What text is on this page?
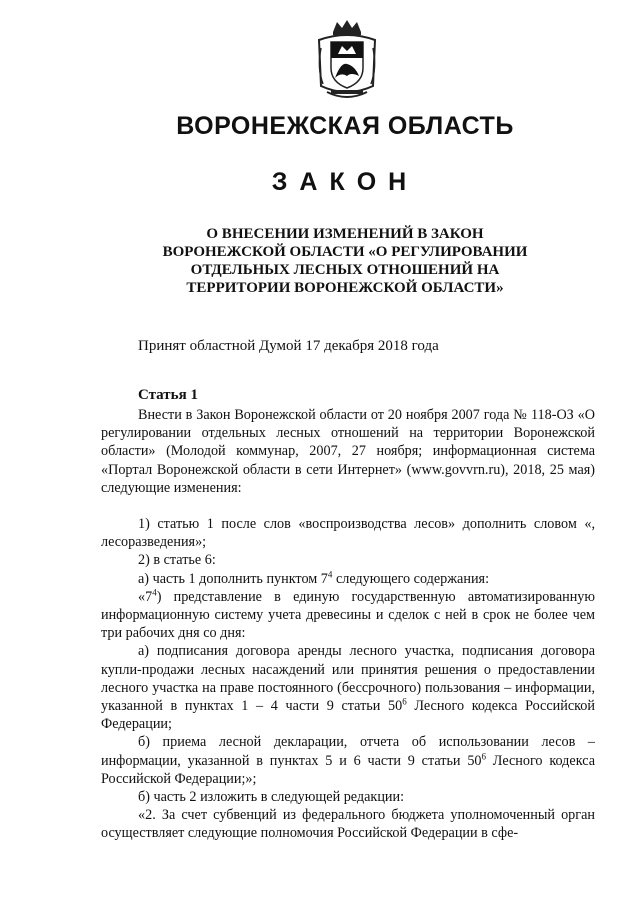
ВОРОНЕЖСКАЯ ОБЛАСТЬ
ЗАКОН
О ВНЕСЕНИИ ИЗМЕНЕНИЙ В ЗАКОН ВОРОНЕЖСКОЙ ОБЛАСТИ «О РЕГУЛИРОВАНИИ ОТДЕЛЬНЫХ ЛЕСНЫХ ОТНОШЕНИЙ НА ТЕРРИТОРИИ ВОРОНЕЖСКОЙ ОБЛАСТИ»
Принят областной Думой 17 декабря 2018 года
Статья 1

Внести в Закон Воронежской области от 20 ноября 2007 года № 118-ОЗ «О регулировании отдельных лесных отношений на территории Воронежской области» (Молодой коммунар, 2007, 27 ноября; информационная система «Портал Воронежской области в сети Интернет» (www.govvrn.ru), 2018, 25 мая) следующие изменения:

1) статью 1 после слов «воспроизводства лесов» дополнить словом «, лесоразведения»;

2) в статье 6:

а) часть 1 дополнить пунктом $7^4$ следующего содержания:

«$7^4$) представление в единую государственную автоматизированную информационную систему учета древесины и сделок с ней в срок не более чем три рабочих дня со дня:

а) подписания договора аренды лесного участка, подписания договора купли-продажи лесных насаждений или принятия решения о предоставлении лесного участка на праве постоянного (бессрочного) пользования – информации, указанной в пунктах 1 – 4 части 9 статьи $50^6$ Лесного кодекса Российской Федерации;

б) приема лесной декларации, отчета об использовании лесов – информации, указанной в пунктах 5 и 6 части 9 статьи $50^6$ Лесного кодекса Российской Федерации;»;

б) часть 2 изложить в следующей редакции:

«2. За счет субвенций из федерального бюджета уполномоченный орган осуществляет следующие полномочия Российской Федерации в сфе-
